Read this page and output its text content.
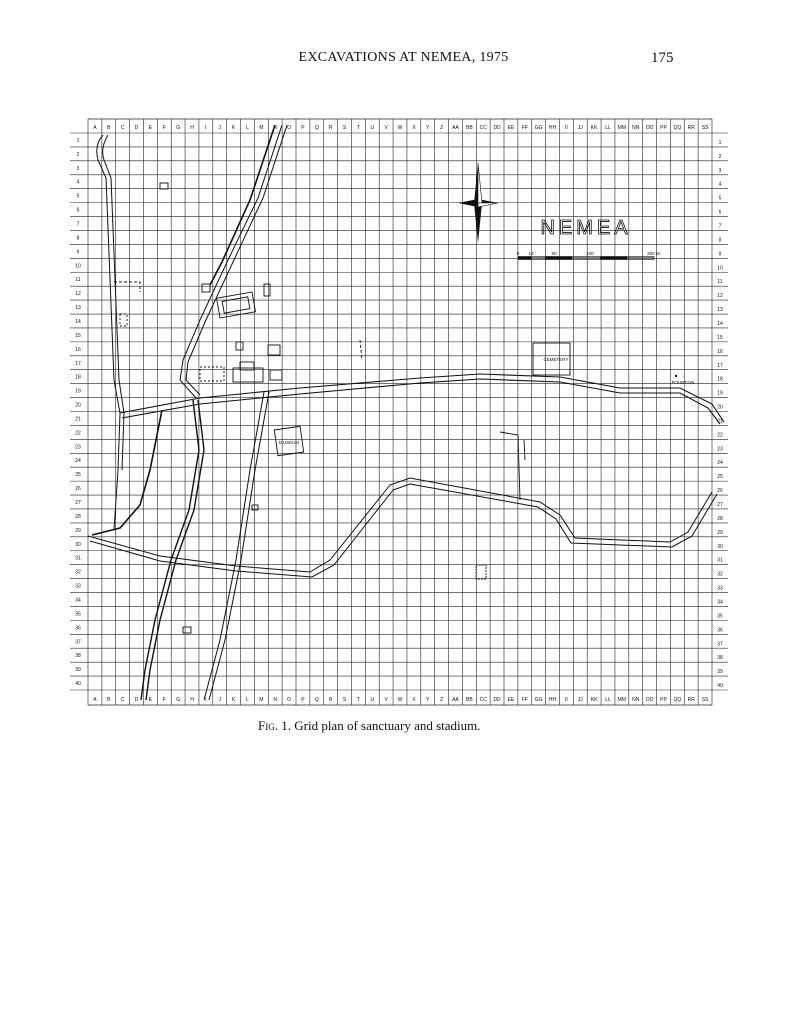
EXCAVATIONS AT NEMEA, 1975	175
A B C D E F G H I J K L M N O P Q R S T U V W X Y Z AA BB CC DD EE FF GG HH II JJ KK LL MM NN OO PP QQ RR SS
A B C D E F G H I J K L M N O P Q R S T U V W X Y Z AA BB CC DD EE FF GG HH II JJ KK LL MM NN OO PP QQ RR SS
1
2
3
4
5
6
7
8
9
10
11
12
13
14
15
16
17
18
19
20
21
22
23
24
25
26
27
28
29
30
31
32
33
34
35
36
37
38
39
40
1
2
3
4
5
6
7
8
9
10
11
12
13
14
15
16
17
18
19
20
21
22
23
24
25
26
27
28
29
30
31
32
33
34
35
36
37
38
39
40
NEMEA
0 10	50	100	200 M.
CEMETERY
FOUNTAIN
MUSEUM
Fig. 1. Grid plan of sanctuary and stadium.
